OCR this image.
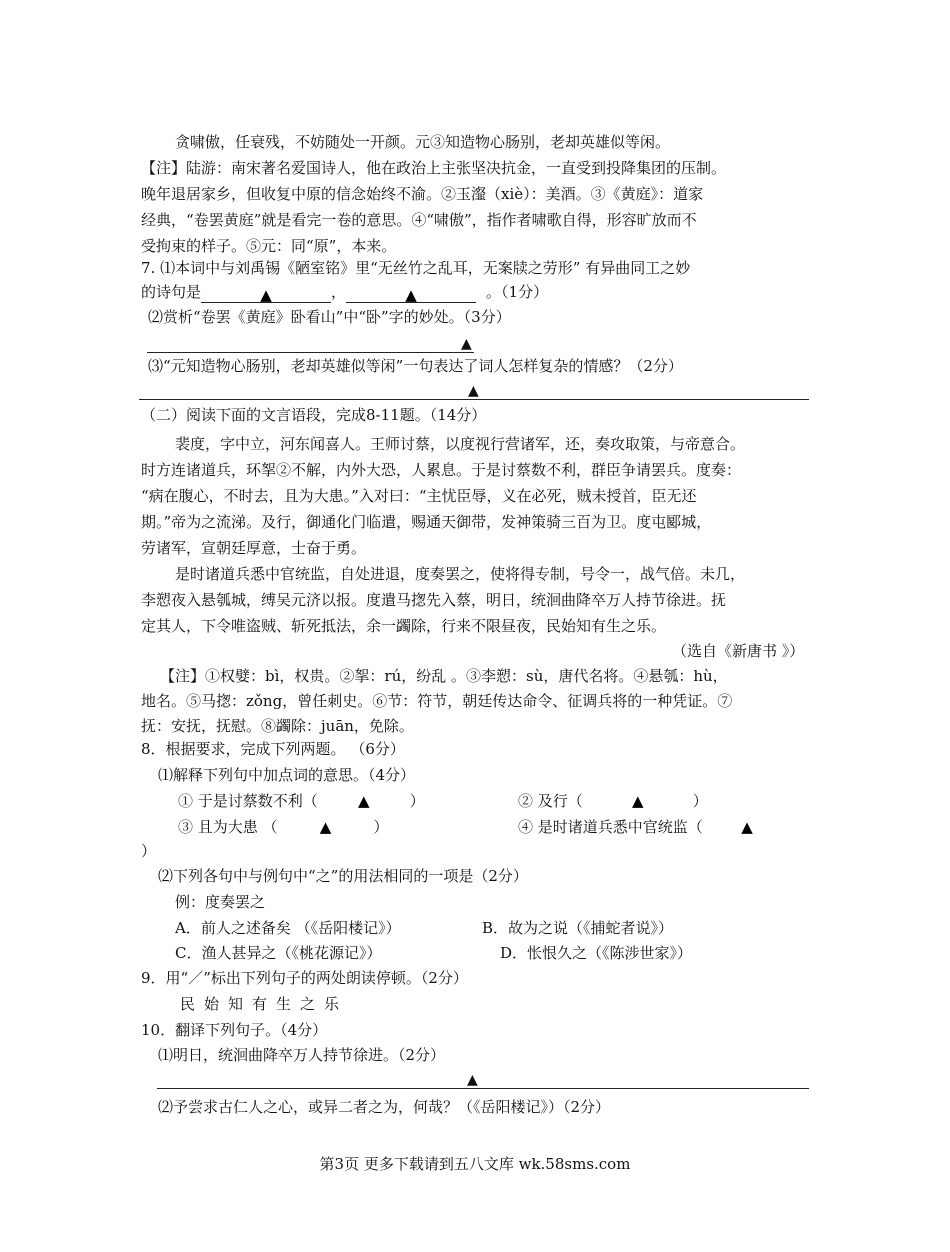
贪啸傲，任衰残，不妨随处一开颜。元③知造物心肠别，老却英雄似等闲。
【注】陆游：南宋著名爱国诗人，他在政治上主张坚决抗金，一直受到投降集团的压制。
晚年退居家乡，但收复中原的信念始终不渝。②玉瀣（xiè）：美酒。③《黄庭》：道家
经典，“卷罢黄庭”就是看完一卷的意思。④“啸傲”，指作者啸歌自得，形容旷放而不
受拘束的样子。⑤元：同“原”，本来。
7. ⑴本词中与刘禹锡《陋室铭》里“无丝竹之乱耳，无案牍之劳形” 有异曲同工之妙
的诗句是	▲	，	▲	。（1分）
⑵赏析“卷罢《黄庭》卧看山”中“卧”字的妙处。（3分）
▲
⑶“元知造物心肠别，老却英雄似等闲”一句表达了词人怎样复杂的情感？（2分）
▲
（二）阅读下面的文言语段，完成8-11题。（14分）
裴度，字中立，河东闻喜人。王师讨蔡，以度视行营诸军，还，奏攻取策，与帝意合。
时方连诸道兵，环挐②不解，内外大恐，人累息。于是讨蔡数不利，群臣争请罢兵。度奏：
“病在腹心，不时去，且为大患。”入对曰：“主忧臣辱，义在必死，贼未授首，臣无还
期。”帝为之流涕。及行，御通化门临遣，赐通天御带，发神策骑三百为卫。度屯郾城，
劳诸军，宣朝廷厚意，士奋于勇。
是时诸道兵悉中官统监，自处进退，度奏罢之，使将得专制，号令一，战气倍。未几，
李愬夜入悬瓠城，缚吴元济以报。度遣马揔先入蔡，明日，统洄曲降卒万人持节徐进。抚
定其人，下令唯盗贼、斩死抵法，余一蠲除，行来不限昼夜，民始知有生之乐。
（选自《新唐书 》）
【注】①权嬖：bì，权贵。②挐：rú，纷乱 。③李愬：sù，唐代名将。④悬瓠：hù，
地名。⑤马揔：zǒng，曾任刺史。⑥节：符节，朝廷传达命令、征调兵将的一种凭证。⑦
抚：安抚，抚慰。⑧蠲除：juān，免除。
8．根据要求，完成下列两题。 （6分）
⑴解释下列句中加点词的意思。（4分）
① 于是讨蔡数不利（	▲	）	② 及行（	▲	）
③ 且为大患 （	▲	）	④ 是时诸道兵悉中官统监（	▲
）
⑵下列各句中与例句中“之”的用法相同的一项是（2分）
例：度奏罢之
A．前人之述备矣 （《岳阳楼记》）	B．故为之说（《捕蛇者说》）
C．渔人甚异之（《桃花源记》）	D．怅恨久之（《陈涉世家》）
9．用“／”标出下列句子的两处朗读停顿。（2分）
民始知有生之乐
10．翻译下列句子。（4分）
⑴明日，统洄曲降卒万人持节徐进。（2分）
▲
⑵予尝求古仁人之心，或异二者之为，何哉？（《岳阳楼记》）（2分）
第3页 更多下载请到五八文库 wk.58sms.com
